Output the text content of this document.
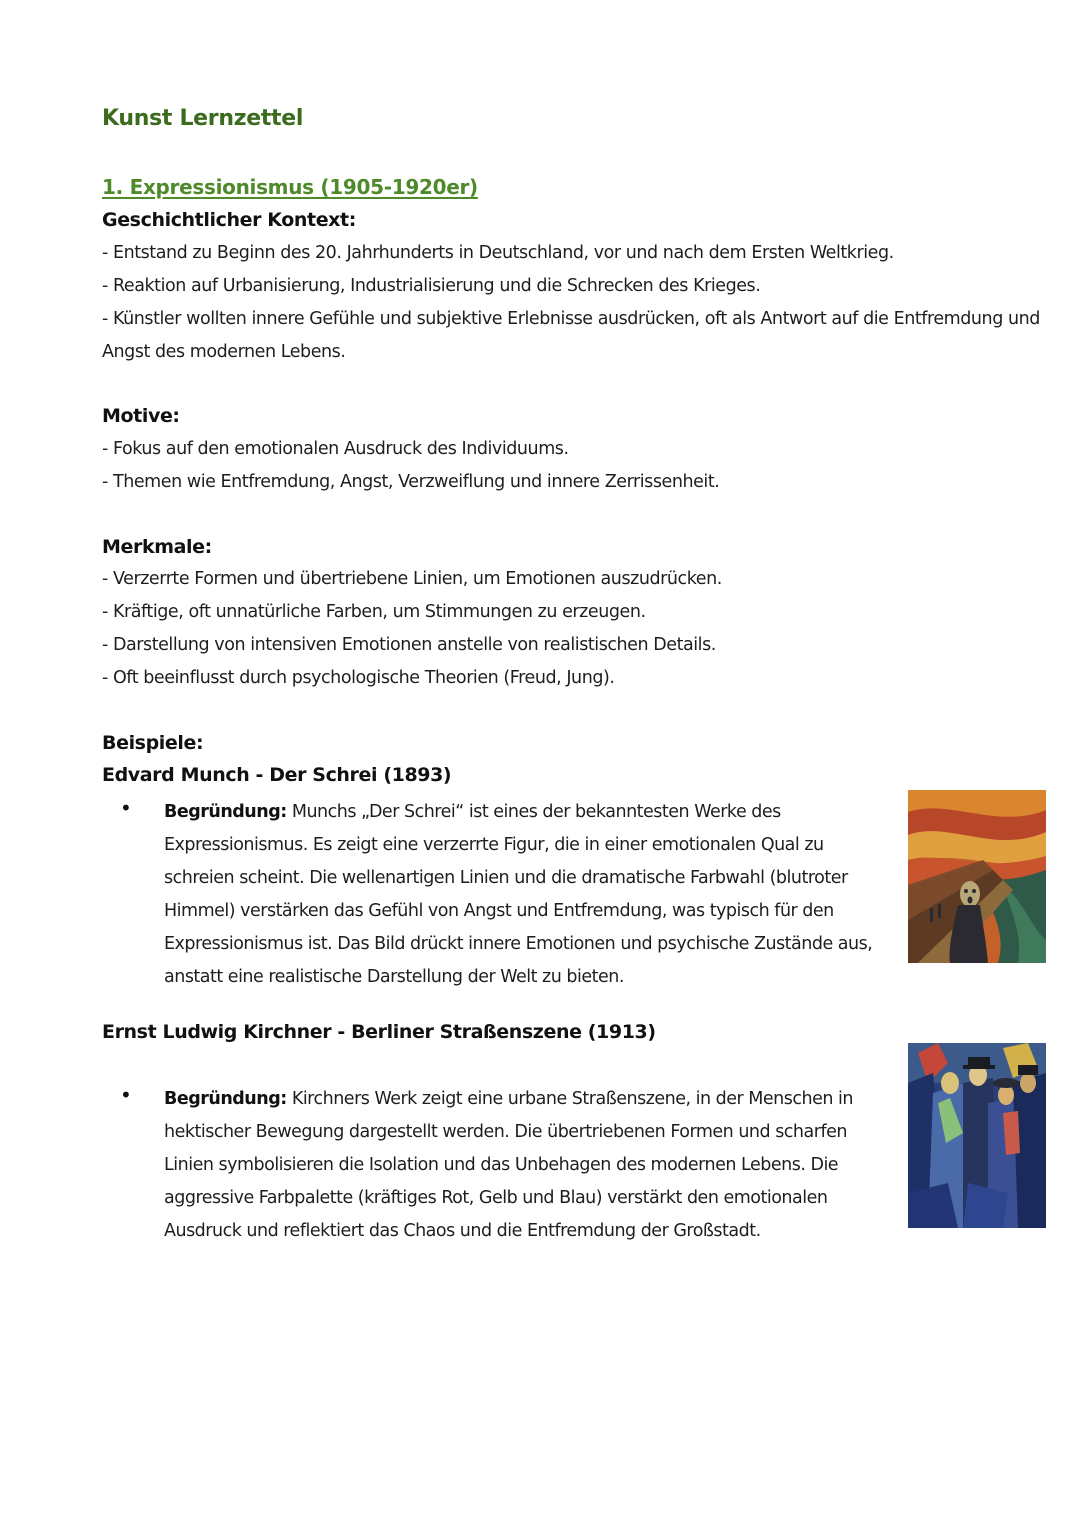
Kunst Lernzettel
1. Expressionismus (1905-1920er)
Geschichtlicher Kontext:
- Entstand zu Beginn des 20. Jahrhunderts in Deutschland, vor und nach dem Ersten Weltkrieg.
- Reaktion auf Urbanisierung, Industrialisierung und die Schrecken des Krieges.
- Künstler wollten innere Gefühle und subjektive Erlebnisse ausdrücken, oft als Antwort auf die Entfremdung und
Angst des modernen Lebens.
Motive:
- Fokus auf den emotionalen Ausdruck des Individuums.
- Themen wie Entfremdung, Angst, Verzweiflung und innere Zerrissenheit.
Merkmale:
- Verzerrte Formen und übertriebene Linien, um Emotionen auszudrücken.
- Kräftige, oft unnatürliche Farben, um Stimmungen zu erzeugen.
- Darstellung von intensiven Emotionen anstelle von realistischen Details.
- Oft beeinflusst durch psychologische Theorien (Freud, Jung).
Beispiele:
Edvard Munch - Der Schrei (1893)
• Begründung: Munchs „Der Schrei“ ist eines der bekanntesten Werke des Expressionismus. Es zeigt eine verzerrte Figur, die in einer emotionalen Qual zu schreien scheint. Die wellenartigen Linien und die dramatische Farbwahl (blutroter Himmel) verstärken das Gefühl von Angst und Entfremdung, was typisch für den Expressionismus ist. Das Bild drückt innere Emotionen und psychische Zustände aus, anstatt eine realistische Darstellung der Welt zu bieten.
Ernst Ludwig Kirchner - Berliner Straßenszene (1913)
• Begründung: Kirchners Werk zeigt eine urbane Straßenszene, in der Menschen in hektischer Bewegung dargestellt werden. Die übertriebenen Formen und scharfen Linien symbolisieren die Isolation und das Unbehagen des modernen Lebens. Die aggressive Farbpalette (kräftiges Rot, Gelb und Blau) verstärkt den emotionalen Ausdruck und reflektiert das Chaos und die Entfremdung der Großstadt.
